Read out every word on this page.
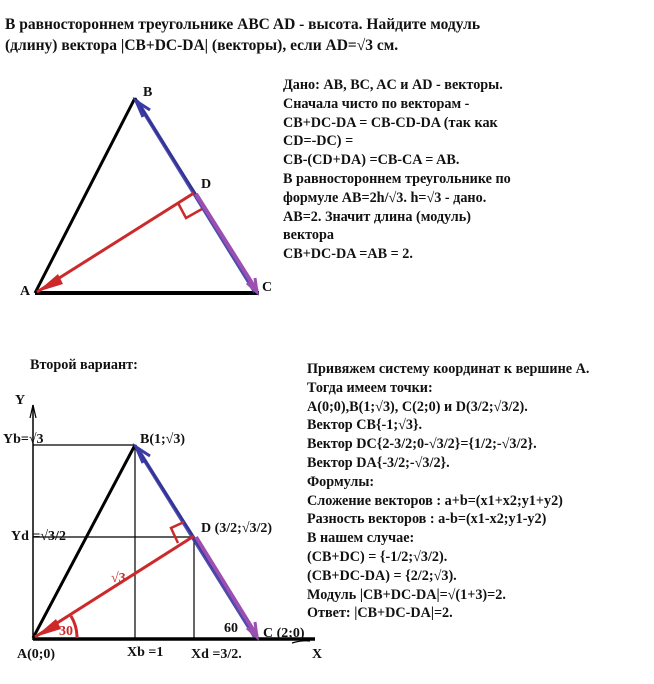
В равностороннем треугольнике ABC AD - высота. Найдите модуль
(длину) вектора |CB+DC-DA| (векторы), если AD=√3 см.
Дано: AB, BC, AC и AD - векторы.
Сначала чисто по векторам -
CB+DC-DA = CB-CD-DA (так как
CD=-DC) =
CB-(CD+DA) =CB-CA = AB.
В равностороннем треугольнике по
формуле AB=2h/√3. h=√3 - дано.
AB=2. Значит длина (модуль)
вектора
CB+DC-DA =AB = 2.
Второй вариант:	Привяжем систему координат к вершине А.
Тогда имеем точки:
A(0;0),B(1;√3), C(2;0) и D(3/2;√3/2).
Вектор CB{-1;√3}.
Вектор DC{2-3/2;0-√3/2}={1/2;-√3/2}.
Вектор DA{-3/2;-√3/2}.
Формулы:
Сложение векторов : a+b=(x1+x2;y1+y2)
Разность векторов : a-b=(x1-x2;y1-y2)
В нашем случае:
(CB+DC) = {-1/2;√3/2).
(CB+DC-DA) = {2/2;√3).
Модуль |CB+DC-DA|=√(1+3)=2.
Ответ: |CB+DC-DA|=2.
B
D
A	C
Y
Yb=√3	B(1;√3)
Yd =√3/2
D (3/2;√3/2)
√3
30	60 C (2;0)
A(0;0)	Xb =1 Xd =3/2.	X
